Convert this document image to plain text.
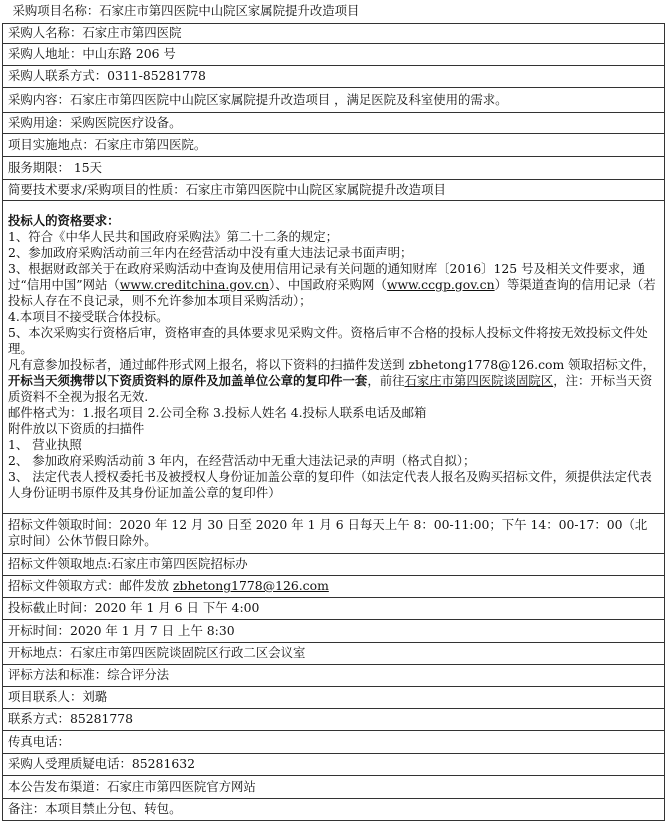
采购项目名称：石家庄市第四医院中山院区家属院提升改造项目
采购人名称：石家庄市第四医院
采购人地址：中山东路 206 号
采购人联系方式：0311-85281778
采购内容：石家庄市第四医院中山院区家属院提升改造项目 ，满足医院及科室使用的需求。
采购用途：采购医院医疗设备。
项目实施地点：石家庄市第四医院。
服务期限： 15天
简要技术要求/采购项目的性质：石家庄市第四医院中山院区家属院提升改造项目

投标人的资格要求：

1、符合《中华人民共和国政府采购法》第二十二条的规定；

2、参加政府采购活动前三年内在经营活动中没有重大违法记录书面声明；

3、根据财政部关于在政府采购活动中查询及使用信用记录有关问题的通知财库〔2016〕125 号及相关文件要求，通过“信用中国”网站（www.creditchina.gov.cn）、中国政府采购网（www.ccgp.gov.cn）等渠道查询的信用记录（若投标人存在不良记录，则不允许参加本项目采购活动）；

4.本项目不接受联合体投标。

5、本次采购实行资格后审，资格审查的具体要求见采购文件。资格后审不合格的投标人投标文件将按无效投标文件处理。

凡有意参加投标者，通过邮件形式网上报名，将以下资料的扫描件发送到 zbhetong1778@126.com 领取招标文件，开标当天须携带以下资质资料的原件及加盖单位公章的复印件一套，前往石家庄市第四医院谈固院区，注：开标当天资质资料不全视为报名无效.

邮件格式为：1.报名项目 2.公司全称 3.投标人姓名 4.投标人联系电话及邮箱

附件放以下资质的扫描件

1、 营业执照

2、 参加政府采购活动前 3 年内，在经营活动中无重大违法记录的声明（格式自拟）；

3、 法定代表人授权委托书及被授权人身份证加盖公章的复印件（如法定代表人报名及购买招标文件，须提供法定代表人身份证明书原件及其身份证加盖公章的复印件）

招标文件领取时间：2020 年 12 月 30 日至 2020 年 1 月 6 日每天上午 8：00-11:00；下午 14：00-17：00（北京时间）公休节假日除外。
招标文件领取地点:石家庄市第四医院招标办
招标文件领取方式：邮件发放 zbhetong1778@126.com
投标截止时间：2020 年 1 月 6 日 下午 4:00
开标时间：2020 年 1 月 7 日 上午 8:30
开标地点：石家庄市第四医院谈固院区行政二区会议室
评标方法和标准：综合评分法
项目联系人：刘璐
联系方式：85281778
传真电话：
采购人受理质疑电话：85281632
本公告发布渠道：石家庄市第四医院官方网站
备注：本项目禁止分包、转包。
